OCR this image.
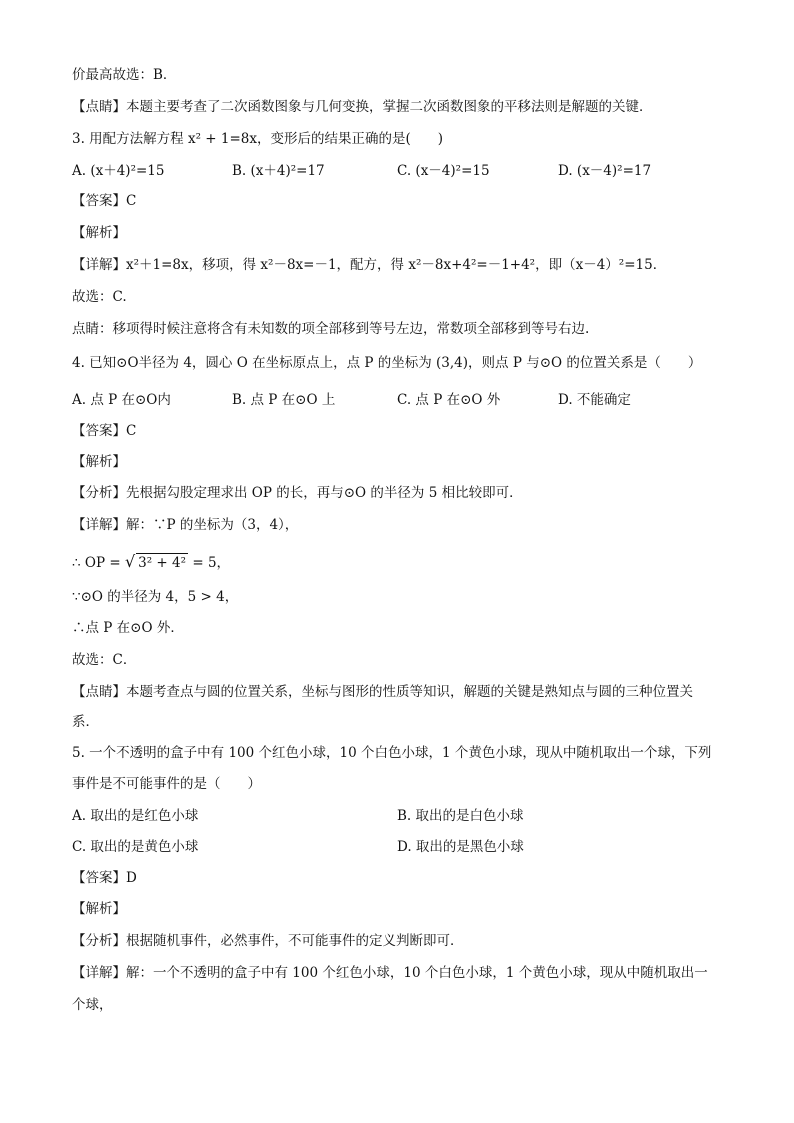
价最高故选：B．
【点睛】本题主要考查了二次函数图象与几何变换，掌握二次函数图象的平移法则是解题的关键．
3. 用配方法解方程 x² + 1=8x，变形后的结果正确的是(　　)
A. (x＋4)²=15	B. (x＋4)²=17	C. (x－4)²=15	D. (x－4)²=17
【答案】C
【解析】
【详解】x²＋1=8x，移项，得 x²－8x=－1，配方，得 x²－8x+4²=－1+4²，即（x－4）²=15．
故选：C.
点睛：移项得时候注意将含有未知数的项全部移到等号左边，常数项全部移到等号右边.
4. 已知⊙O半径为 4，圆心 O 在坐标原点上，点 P 的坐标为 (3,4)，则点 P 与⊙O 的位置关系是（　　）
A. 点 P 在⊙O内	B. 点 P 在⊙O 上	C. 点 P 在⊙O 外	D. 不能确定
【答案】C
【解析】
【分析】先根据勾股定理求出 OP 的长，再与⊙O 的半径为 5 相比较即可．
【详解】解：∵P 的坐标为（3，4），
∴ OP = √ 3² + 4² = 5，
∵⊙O 的半径为 4，5 > 4，
∴点 P 在⊙O 外．
故选：C．
【点睛】本题考查点与圆的位置关系，坐标与图形的性质等知识，解题的关键是熟知点与圆的三种位置关
系．
5. 一个不透明的盒子中有 100 个红色小球，10 个白色小球，1 个黄色小球，现从中随机取出一个球，下列
事件是不可能事件的是（　　）
A. 取出的是红色小球	B. 取出的是白色小球
C. 取出的是黄色小球	D. 取出的是黑色小球
【答案】D
【解析】
【分析】根据随机事件，必然事件，不可能事件的定义判断即可．
【详解】解：一个不透明的盒子中有 100 个红色小球，10 个白色小球，1 个黄色小球，现从中随机取出一
个球，
